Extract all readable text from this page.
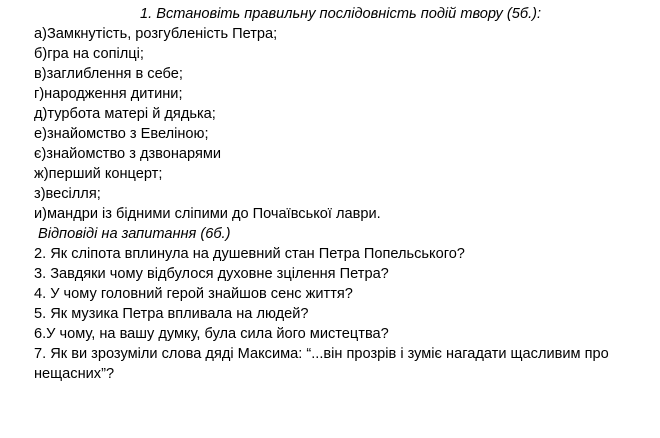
1. Встановіть правильну послідовність подій твору (5б.):
а)Замкнутість, розгубленість Петра;
б)гра на сопілці;
в)заглиблення в себе;
г)народження дитини;
д)турбота матері й дядька;
е)знайомство з Евеліною;
є)знайомство з дзвонарями
ж)перший концерт;
з)весілля;
и)мандри із бідними сліпими до Почаївської лаври.
Відповіді на запитання (6б.)
2. Як сліпота вплинула на душевний стан Петра Попельського?
3. Завдяки чому відбулося духовне зцілення Петра?
4. У чому головний герой знайшов сенс життя?
5. Як музика Петра впливала на людей?
6.У чому, на вашу думку, була сила його мистецтва?
7. Як ви зрозуміли слова дяді Максима: “...він прозрів і зуміє нагадати щасливим про
нещасних”?
